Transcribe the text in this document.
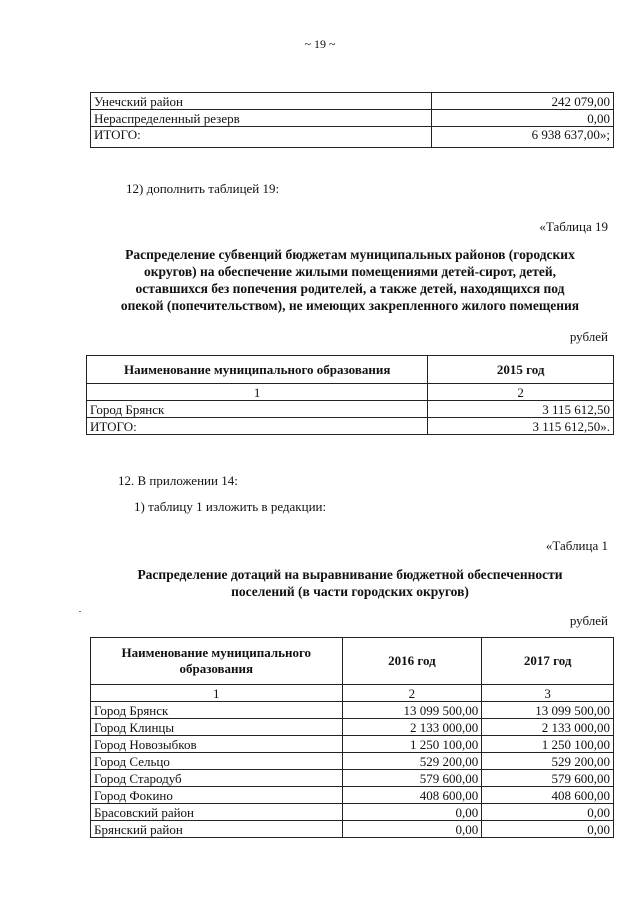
~ 19 ~
Унечский район	242 079,00
Нераспределенный резерв	0,00
ИТОГО:	6 938 637,00»;
12) дополнить таблицей 19:
«Таблица 19
Распределение субвенций бюджетам муниципальных районов (городских
округов) на обеспечение жилыми помещениями детей-сирот, детей,
оставшихся без попечения родителей, а также детей, находящихся под
опекой (попечительством), не имеющих закрепленного жилого помещения
рублей
Наименование муниципального образования	2015 год
1	2
Город Брянск	3 115 612,50
ИТОГО:	3 115 612,50».
12. В приложении 14:
1) таблицу 1 изложить в редакции:
«Таблица 1
Распределение дотаций на выравнивание бюджетной обеспеченности
поселений (в части городских округов)
рублей
Наименование муниципального
образования	2016 год	2017 год
1	2	3
Город Брянск	13 099 500,00	13 099 500,00
Город Клинцы	2 133 000,00	2 133 000,00
Город Новозыбков	1 250 100,00	1 250 100,00
Город Сельцо	529 200,00	529 200,00
Город Стародуб	579 600,00	579 600,00
Город Фокино	408 600,00	408 600,00
Брасовский район	0,00	0,00
Брянский район	0,00	0,00
